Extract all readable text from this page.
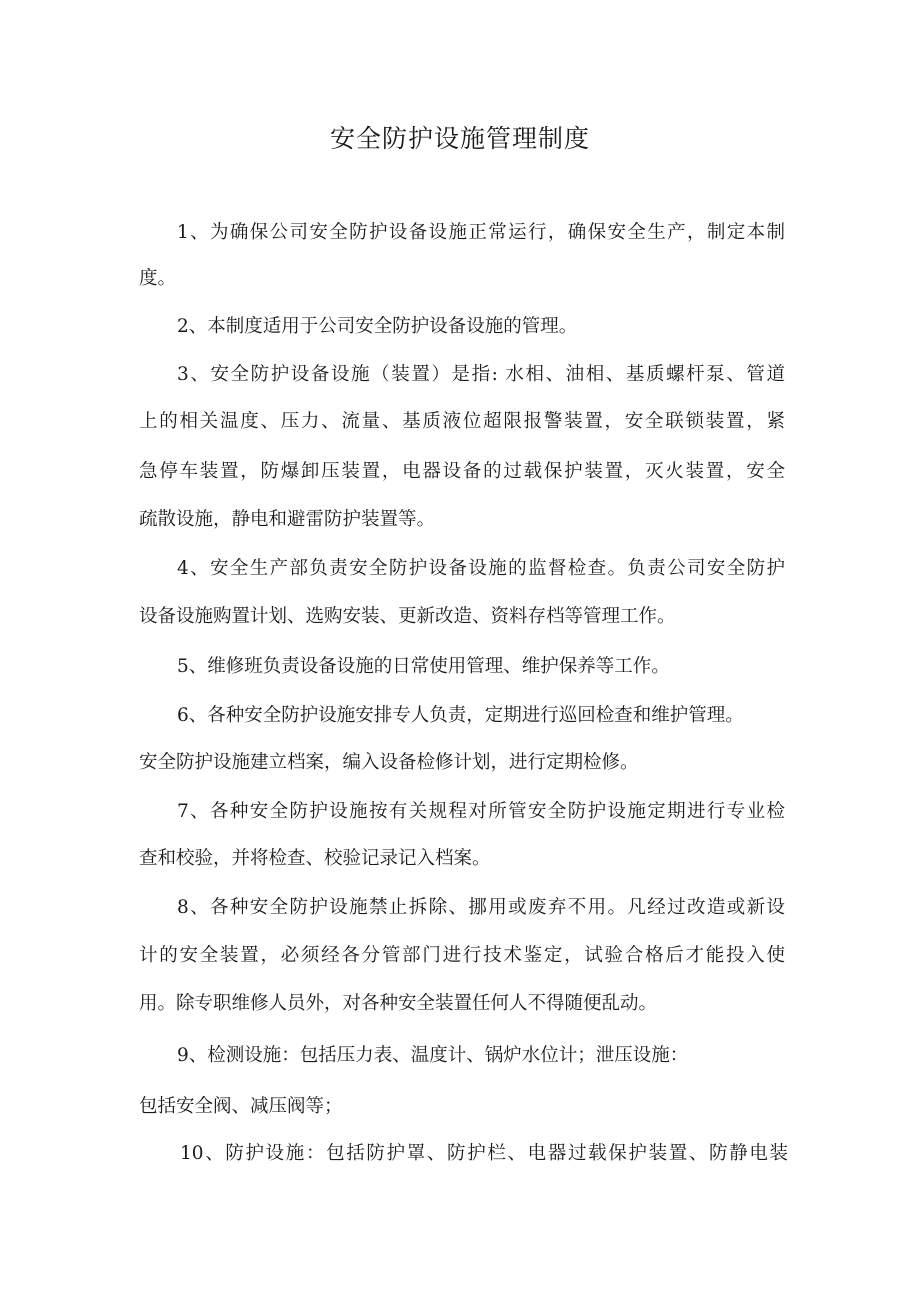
安全防护设施管理制度

1、为确保公司安全防护设备设施正常运行，确保安全生产，制定本制

度。

2、本制度适用于公司安全防护设备设施的管理。

3、安全防护设备设施（装置）是指: 水相、油相、基质螺杆泵、管道

上的相关温度、压力、流量、基质液位超限报警装置，安全联锁装置，紧

急停车装置，防爆卸压装置，电器设备的过载保护装置，灭火装置，安全

疏散设施，静电和避雷防护装置等。

4、安全生产部负责安全防护设备设施的监督检查。负责公司安全防护

设备设施购置计划、选购安装、更新改造、资料存档等管理工作。

5、维修班负责设备设施的日常使用管理、维护保养等工作。

6、各种安全防护设施安排专人负责，定期进行巡回检查和维护管理。

安全防护设施建立档案，编入设备检修计划，进行定期检修。

7、各种安全防护设施按有关规程对所管安全防护设施定期进行专业检

查和校验，并将检查、校验记录记入档案。

8、各种安全防护设施禁止拆除、挪用或废弃不用。凡经过改造或新设

计的安全装置，必须经各分管部门进行技术鉴定，试验合格后才能投入使

用。除专职维修人员外，对各种安全装置任何人不得随便乱动。

9、检测设施：包括压力表、温度计、锅炉水位计；泄压设施：

包括安全阀、减压阀等；

10、防护设施：包括防护罩、防护栏、电器过载保护装置、防静电装
